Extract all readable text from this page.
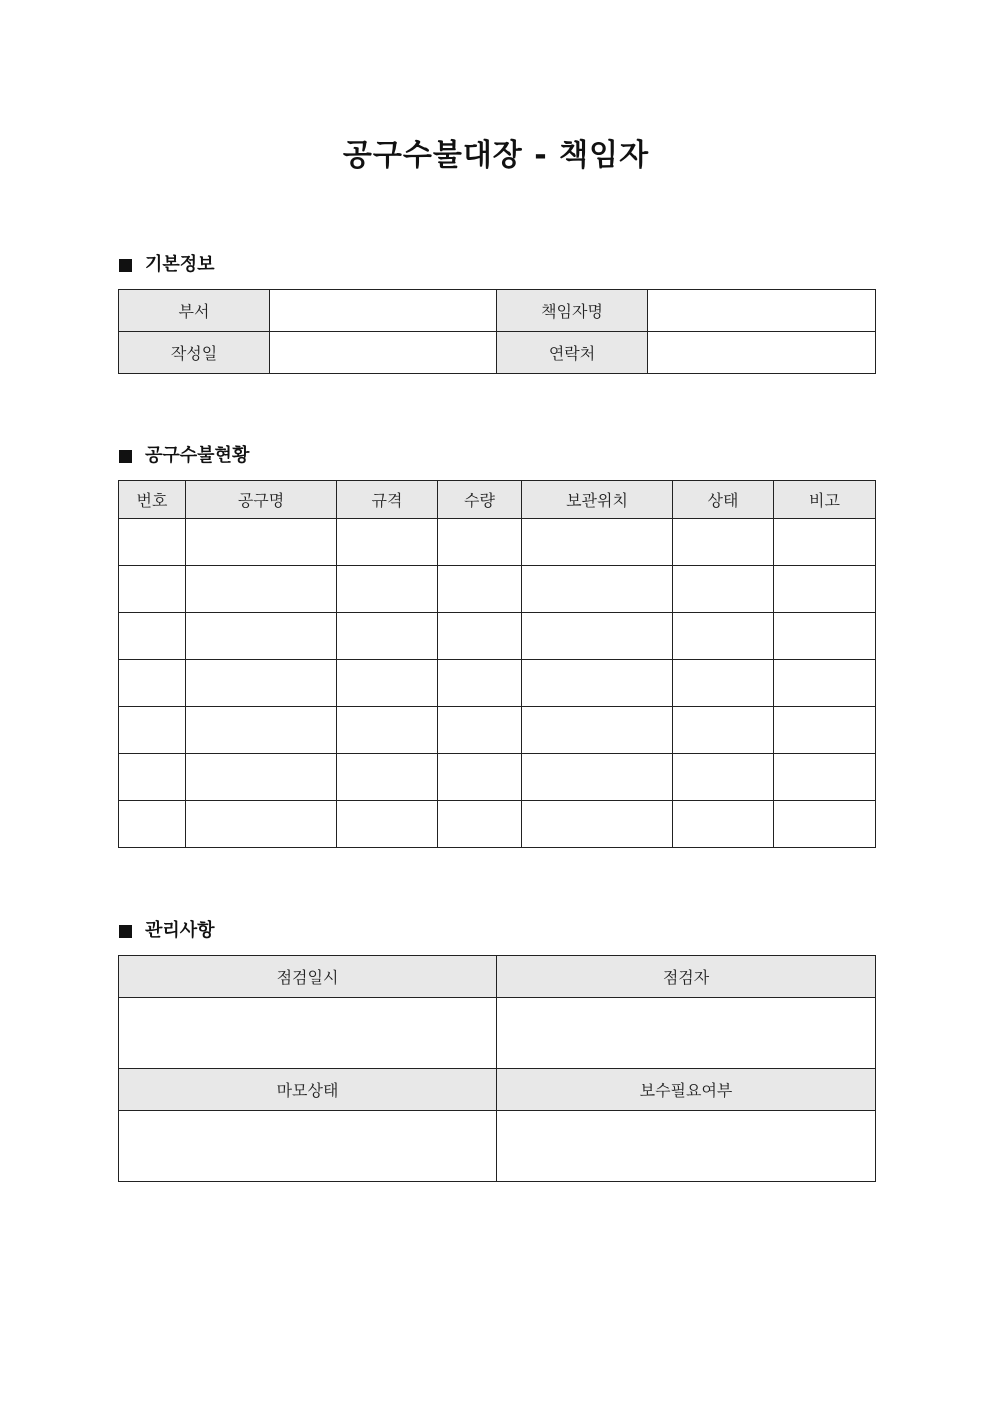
공구수불대장 - 책임자
기본정보
부서		책임자명	
작성일		연락처	
공구수불현황
번호	공구명	규격	수량	보관위치	상태	비고

관리사항
점검일시	점검자

마모상태	보수필요여부
